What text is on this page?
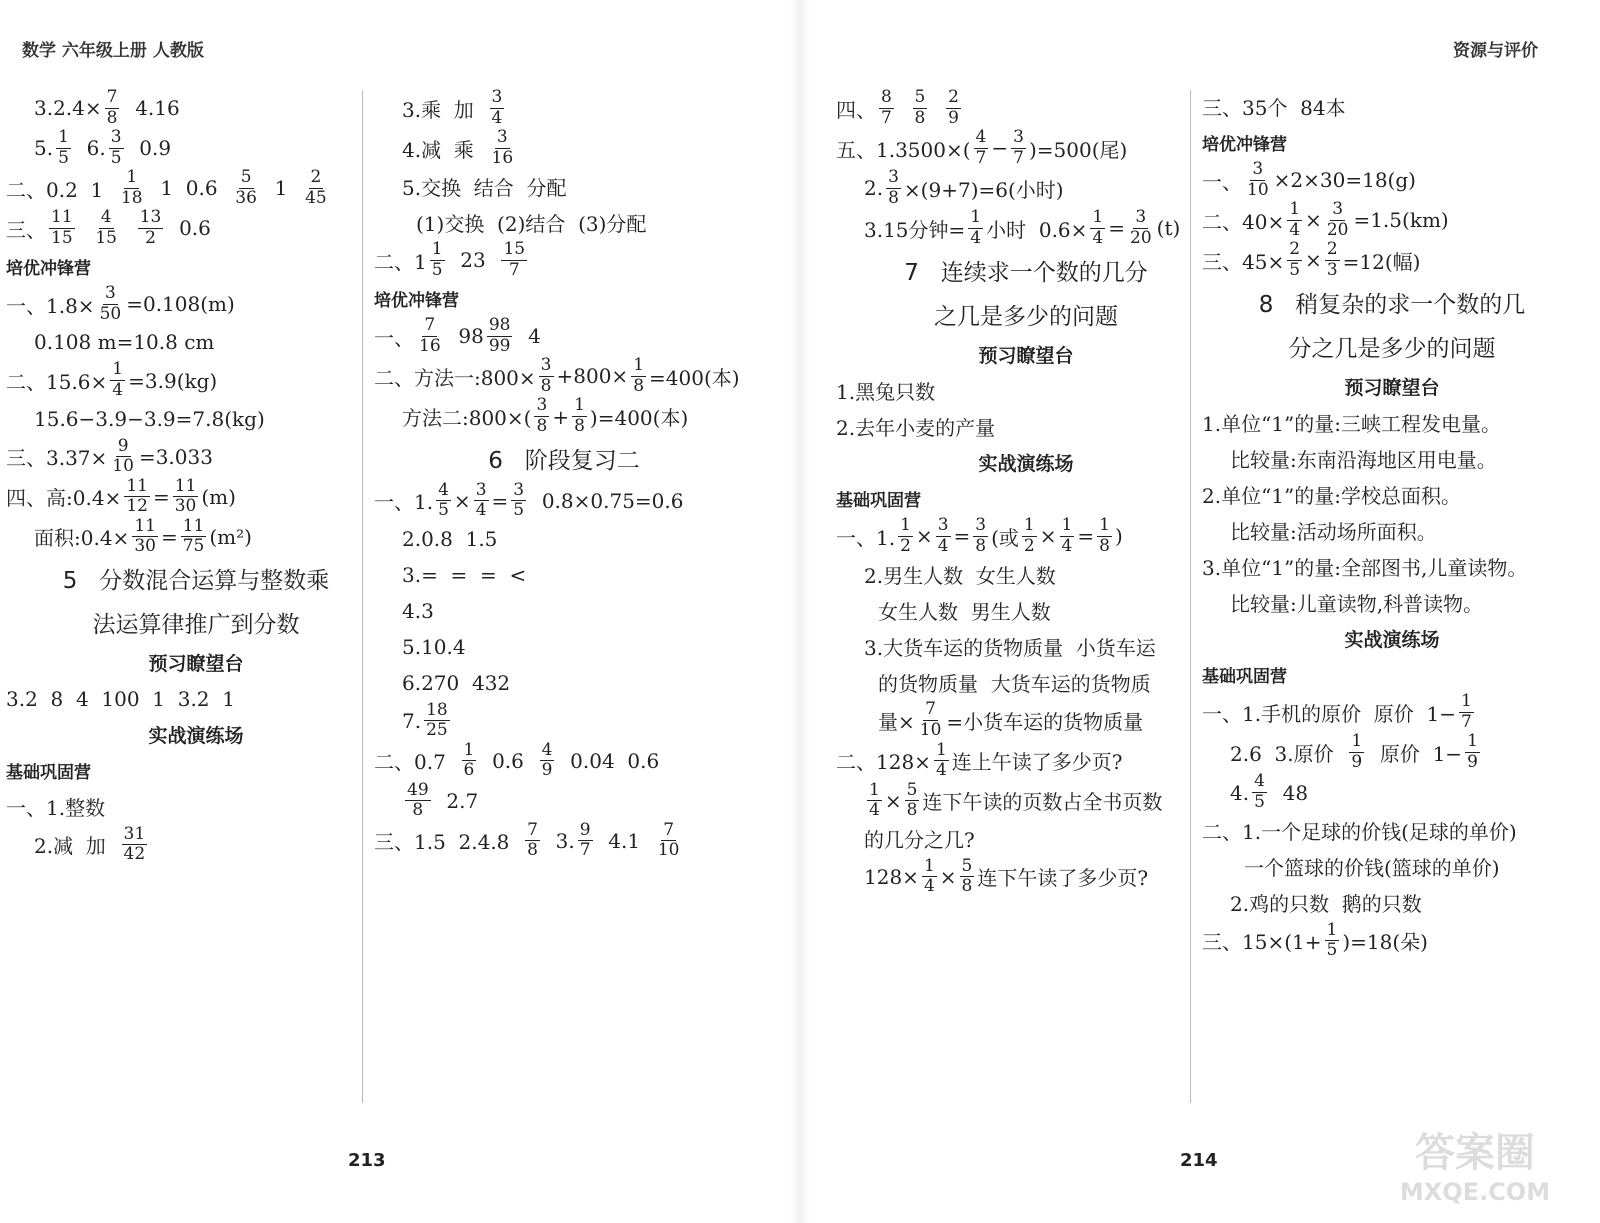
数学 六年级上册 人教版	资源与评价
$3.2.4\times \frac{7}{8} 4.16$
5. 1
5 6. 3
5 0.9
二、0.2  1
1
18 1  0.6 5
36 1 2
45
三、
11
15

4
15

13
2 0.6
培优冲锋营
一、$1.8\times \frac{3}{50} =0.108(m)$
0.108 m=10.8 cm
二、$15.6\times \frac{1}{4} =3.9(kg)$
15.6−3.9−3.9=7.8(kg)
三、$3.37\times \frac{9}{10} =3.033$
四、高:0.4× $\frac{11}{12} = \frac{11}{30} (m)$
面积:0.4× $\frac{11}{30} = \frac{11}{75} (m^2)$
5   分数混合运算与整数乘
法运算律推广到分数
预习瞭望台
3.2  8  4  100  1  3.2  1
实战演练场
基础巩固营
一、1.整数
2.减  加
31
42
3.乘  加
3
4
4.减  乘
3
16
5.交换  结合  分配
(1)交换  (2)结合  (3)分配
二、1
1
5 23 15
7
培优冲锋营
一、
7
16 98 98
99 4
二、方法一:800× $\frac{3}{8} +800\times \frac{1}{8} =400$(本)
方法二:800×(
3
$8 + \frac{1}{8} )=400$(本)
6   阶段复习二
一、1. $\frac{4}{5} \times \frac{3}{4} = \frac{3}{5} 0.8\times 0.75=0.6$
2.0.8  1.5
3.=  =  =  <
4.3
5.10.4
6.270  432
7. 18
25
二、0.7
1
6 0.6 4
9 0.04  0.6
49
8 2.7
三、1.5  2.4.8
7
8 3. 9
7 4.1 7
10
四、
8
7

5
8

2
9
五、1.3500×(
4
$7 - \frac{3}{7} )=500$(尾)
2. $\frac{3}{8} \times(9+7)=6$(小时)
3.15分钟= $\frac{1}{4}$ 小时  $0.6\times \frac{1}{4} = \frac{3}{20} (t)$
7   连续求一个数的几分
之几是多少的问题
预习瞭望台
1.黑兔只数
2.去年小麦的产量
实战演练场
基础巩固营
一、1. $\frac{1}{2} \times \frac{3}{4} = \frac{3}{8}$ (或 $\frac{1}{2} \times \frac{1}{4} = \frac{1}{8}$ )
2.男生人数  女生人数
女生人数  男生人数
3.大货车运的货物质量  小货车运
的货物质量  大货车运的货物质
量× $\frac{7}{10}$ =小货车运的货物质量
二、$128\times \frac{1}{4}$ 连上午读了多少页?
$\frac{1}{4} \times \frac{5}{8}$ 连下午读的页数占全书页数
的几分之几?
$128\times \frac{1}{4} \times \frac{5}{8}$ 连下午读了多少页?
三、35个  84本
培优冲锋营
一、 $\frac{3}{10} \times 2\times 30=18(g)$
二、$40\times \frac{1}{4} \times \frac{3}{20} =1.5(km)$
三、$45\times \frac{2}{5} \times \frac{2}{3} =12$(幅)
8   稍复杂的求一个数的几
分之几是多少的问题
预习瞭望台
1.单位“1”的量:三峡工程发电量。
比较量:东南沿海地区用电量。
2.单位“1”的量:学校总面积。
比较量:活动场所面积。
3.单位“1”的量:全部图书,儿童读物。
比较量:儿童读物,科普读物。
实战演练场
基础巩固营
一、1.手机的原价  原价  $1- \frac{1}{7}$
2.6  3.原价
1
9 原价  $1- \frac{1}{9}$
4. 4
5 48
二、1.一个足球的价钱(足球的单价)
一个篮球的价钱(篮球的单价)
2.鸡的只数  鹅的只数
三、$15\times(1+ \frac{1}{5} )=18$(朵)
213	214	答案圈
MXQE.COM
